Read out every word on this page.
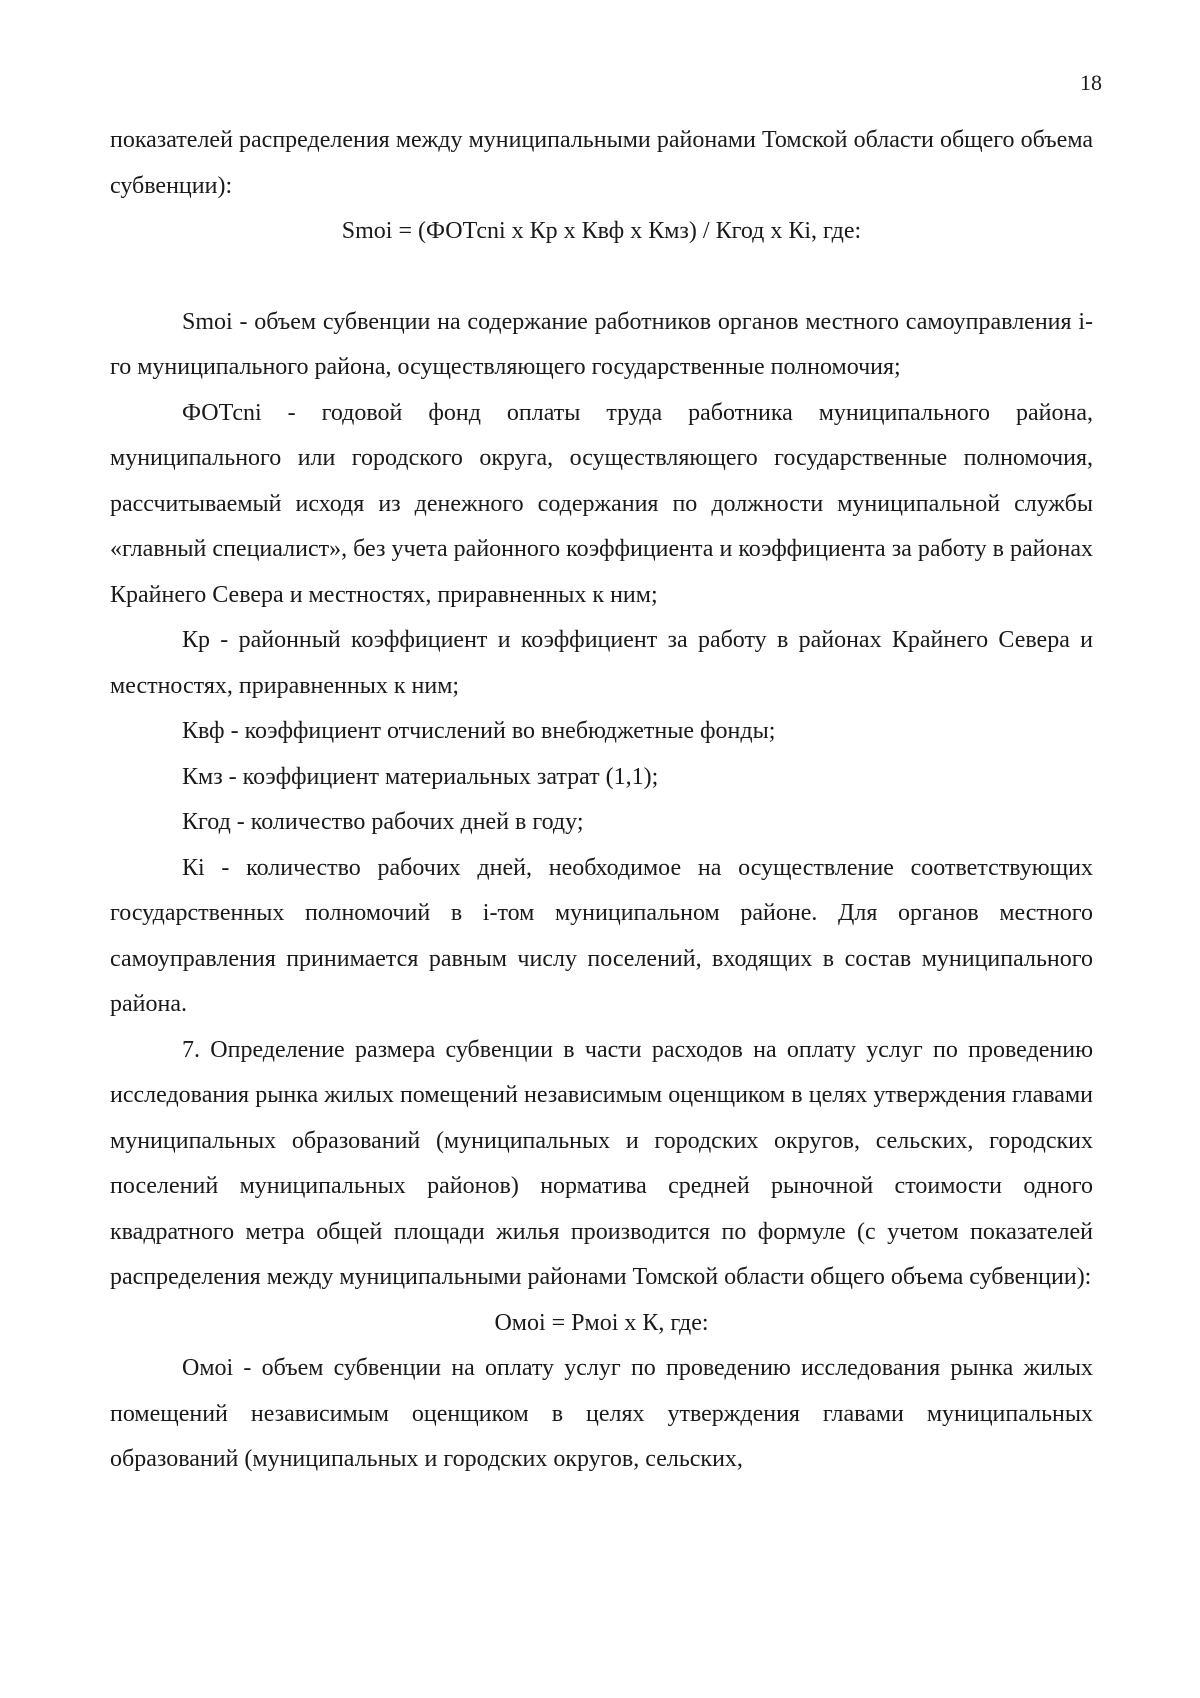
18

показателей распределения между муниципальными районами Томской области общего объема субвенции):

Smoi = (ФОТсni х Кр х Квф х Кмз) / Кгод х Кi, где:

Smoi - объем субвенции на содержание работников органов местного самоуправления i-го муниципального района, осуществляющего государственные полномочия;

ФОТсni - годовой фонд оплаты труда работника муниципального района, муниципального или городского округа, осуществляющего государственные полномочия, рассчитываемый исходя из денежного содержания по должности муниципальной службы «главный специалист», без учета районного коэффициента и коэффициента за работу в районах Крайнего Севера и местностях, приравненных к ним;

Кр - районный коэффициент и коэффициент за работу в районах Крайнего Севера и местностях, приравненных к ним;

Квф - коэффициент отчислений во внебюджетные фонды;

Кмз - коэффициент материальных затрат (1,1);

Кгод - количество рабочих дней в году;

Кi - количество рабочих дней, необходимое на осуществление соответствующих государственных полномочий в i-том муниципальном районе. Для органов местного самоуправления принимается равным числу поселений, входящих в состав муниципального района.

7. Определение размера субвенции в части расходов на оплату услуг по проведению исследования рынка жилых помещений независимым оценщиком в целях утверждения главами муниципальных образований (муниципальных и городских округов, сельских, городских поселений муниципальных районов) норматива средней рыночной стоимости одного квадратного метра общей площади жилья производится по формуле (с учетом показателей распределения между муниципальными районами Томской области общего объема субвенции):

Омоi = Рмоi х К, где:

Омоi - объем субвенции на оплату услуг по проведению исследования рынка жилых помещений независимым оценщиком в целях утверждения главами муниципальных образований (муниципальных и городских округов, сельских,
